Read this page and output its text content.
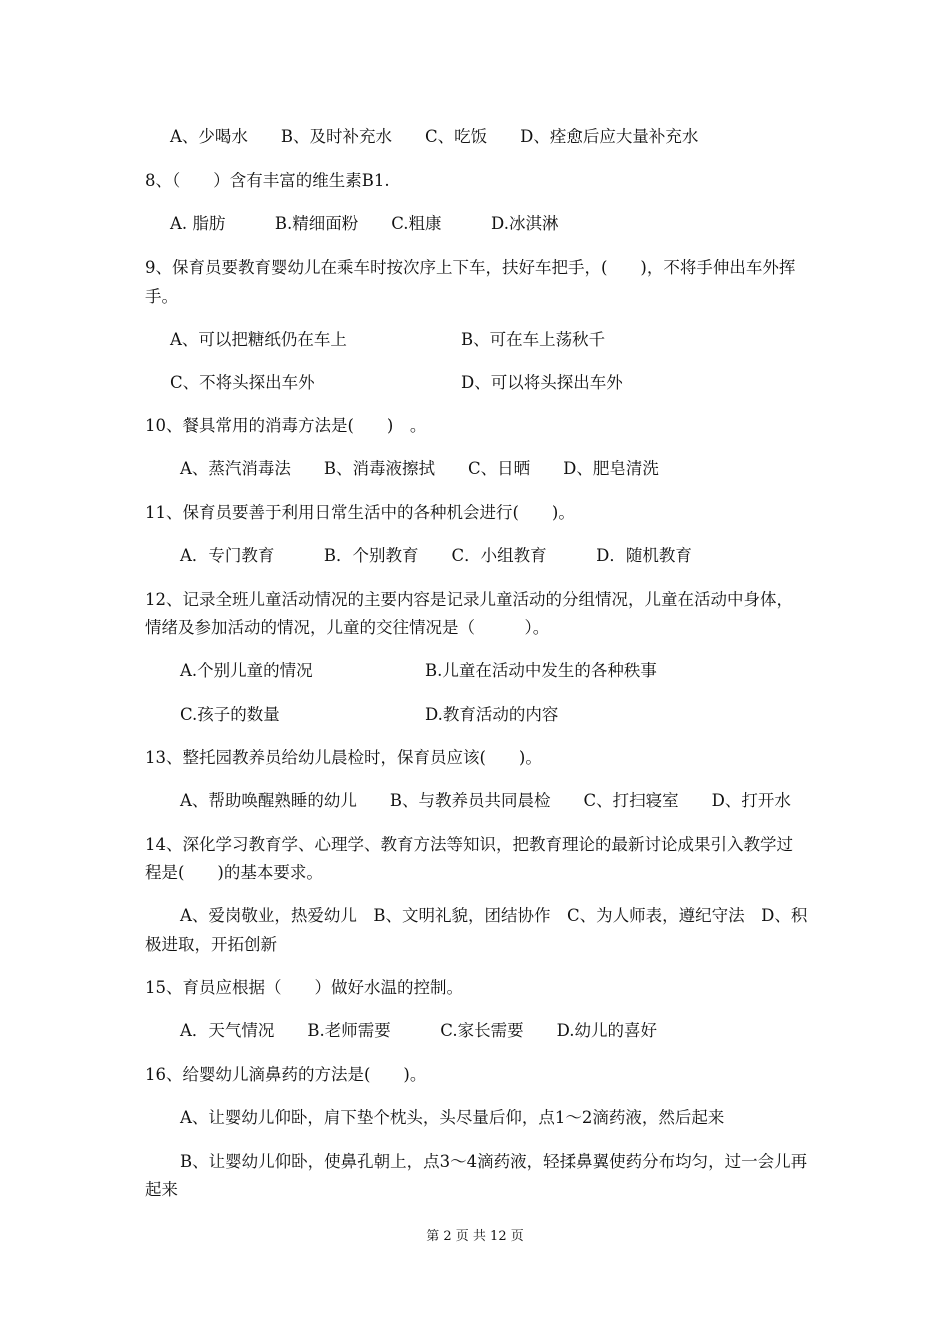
A、少喝水　　B、及时补充水　　C、吃饭　　D、痊愈后应大量补充水
8、（　　）含有丰富的维生素B1.
A. 脂肪　　　B.精细面粉　　C.粗康　　　D.冰淇淋
9、保育员要教育婴幼儿在乘车时按次序上下车，扶好车把手，(　　)，不将手伸出车外挥
手。
A、可以把糖纸仍在车上	B、可在车上荡秋千
C、不将头探出车外	D、可以将头探出车外
10、餐具常用的消毒方法是(　　)　。
A、蒸汽消毒法　　B、消毒液擦拭　　C、日晒　　D、肥皂清洗
11、保育员要善于利用日常生活中的各种机会进行(　　)。
A．专门教育　　　B．个别教育　　C．小组教育　　　D．随机教育
12、记录全班儿童活动情况的主要内容是记录儿童活动的分组情况，儿童在活动中身体，
情绪及参加活动的情况，儿童的交往情况是（　　　）。
A.个别儿童的情况	B.儿童在活动中发生的各种秩事
C.孩子的数量	D.教育活动的内容
13、整托园教养员给幼儿晨检时，保育员应该(　　)。
A、帮助唤醒熟睡的幼儿　　B、与教养员共同晨检　　C、打扫寝室　　D、打开水
14、深化学习教育学、心理学、教育方法等知识，把教育理论的最新讨论成果引入教学过
程是(　　)的基本要求。
A、爱岗敬业，热爱幼儿　B、文明礼貌，团结协作　C、为人师表，遵纪守法　D、积
极进取，开拓创新
15、育员应根据（　　）做好水温的控制。
A．天气情况　　B.老师需要　　　C.家长需要　　D.幼儿的喜好
16、给婴幼儿滴鼻药的方法是(　　)。
A、让婴幼儿仰卧，肩下垫个枕头，头尽量后仰，点1～2滴药液，然后起来
B、让婴幼儿仰卧，使鼻孔朝上，点3～4滴药液，轻揉鼻翼使药分布均匀，过一会儿再
起来
第 2 页 共 12 页
